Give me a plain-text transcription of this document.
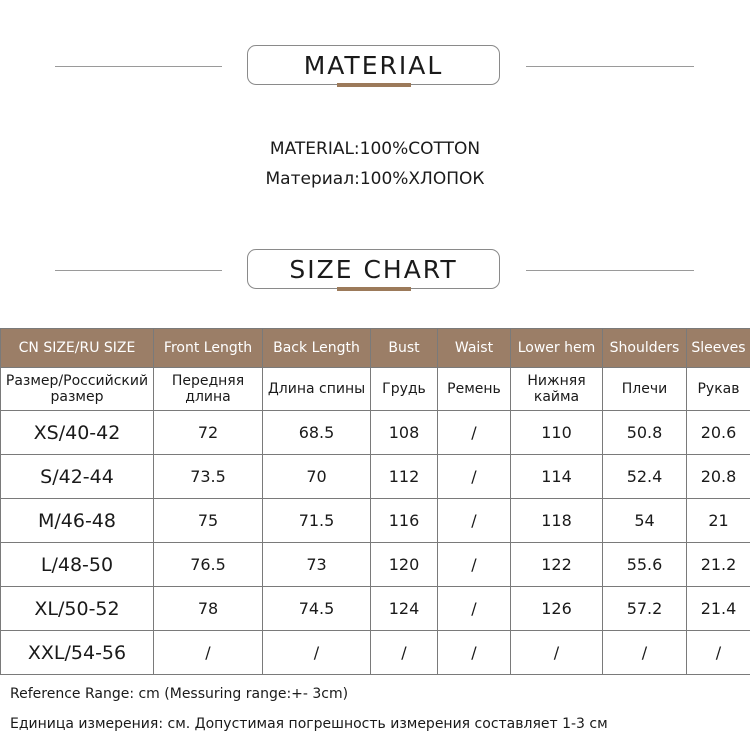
MATERIAL
MATERIAL:100%COTTON
Материал:100%ХЛОПОК
SIZE CHART
CN SIZE/RU SIZE	Front Length	Back Length	Bust	Waist	Lower hem	Shoulders	Sleeves
Размер/Российский размер	Передняя длина	Длина спины	Грудь	Ремень	Нижняя кайма	Плечи	Рукав
XS/40-42	72	68.5	108	/	110	50.8	20.6
S/42-44	73.5	70	112	/	114	52.4	20.8
M/46-48	75	71.5	116	/	118	54	21
L/48-50	76.5	73	120	/	122	55.6	21.2
XL/50-52	78	74.5	124	/	126	57.2	21.4
XXL/54-56	/	/	/	/	/	/	/
Reference Range: cm (Messuring range:+- 3cm)
Единица измерения: см. Допустимая погрешность измерения составляет 1-3 см
